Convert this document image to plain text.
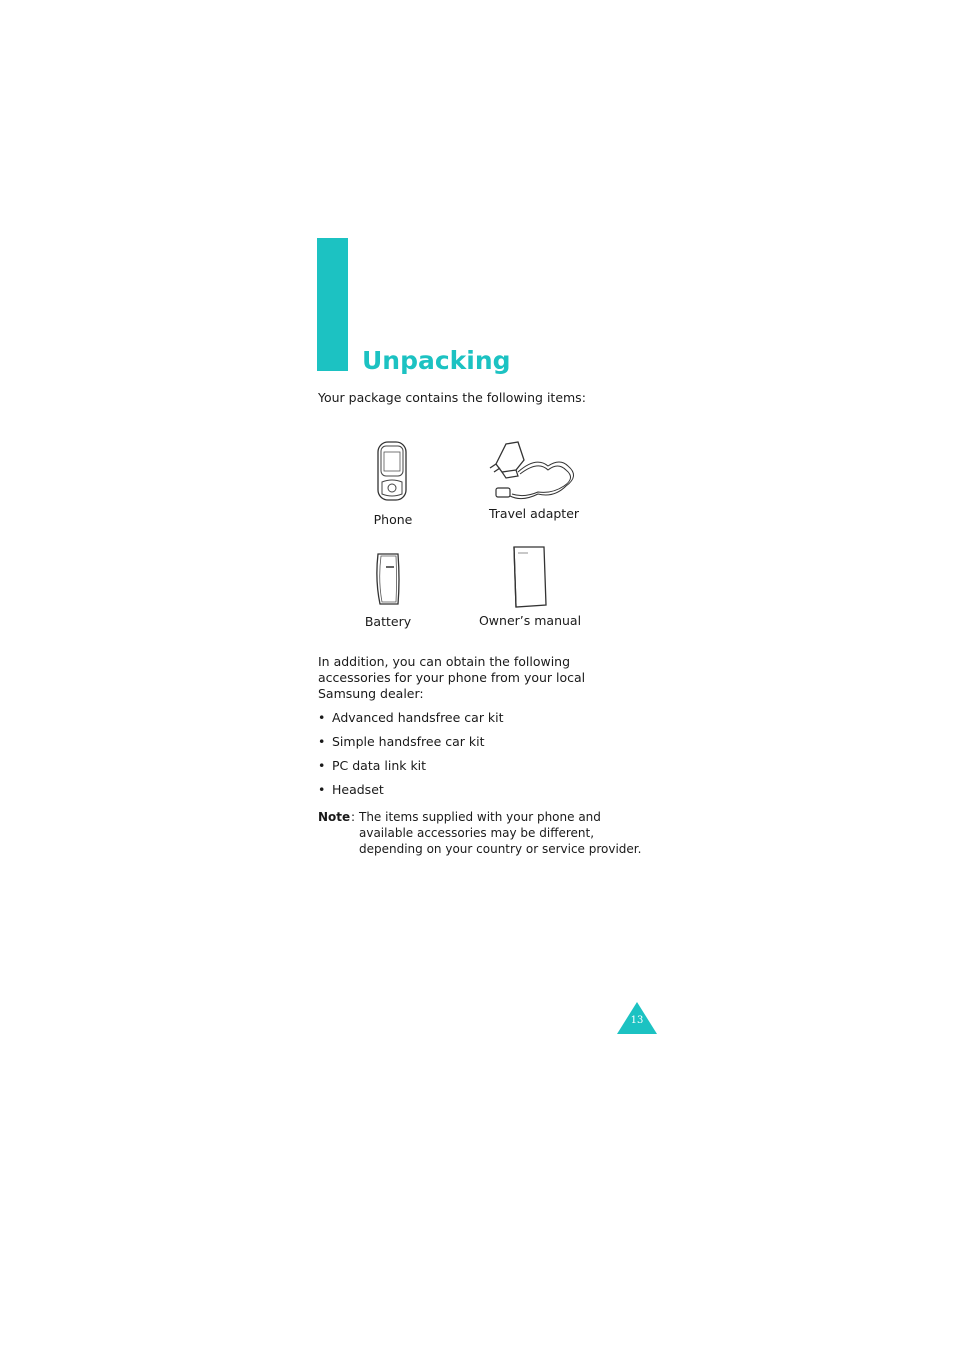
Unpacking
Your package contains the following items:
Phone	Travel adapter
Battery	Owner’s manual
In addition, you can obtain the following accessories for your phone from your local Samsung dealer:
• Advanced handsfree car kit
• Simple handsfree car kit
• PC data link kit
• Headset
Note : The items supplied with your phone and available accessories may be different, depending on your country or service provider.
13
